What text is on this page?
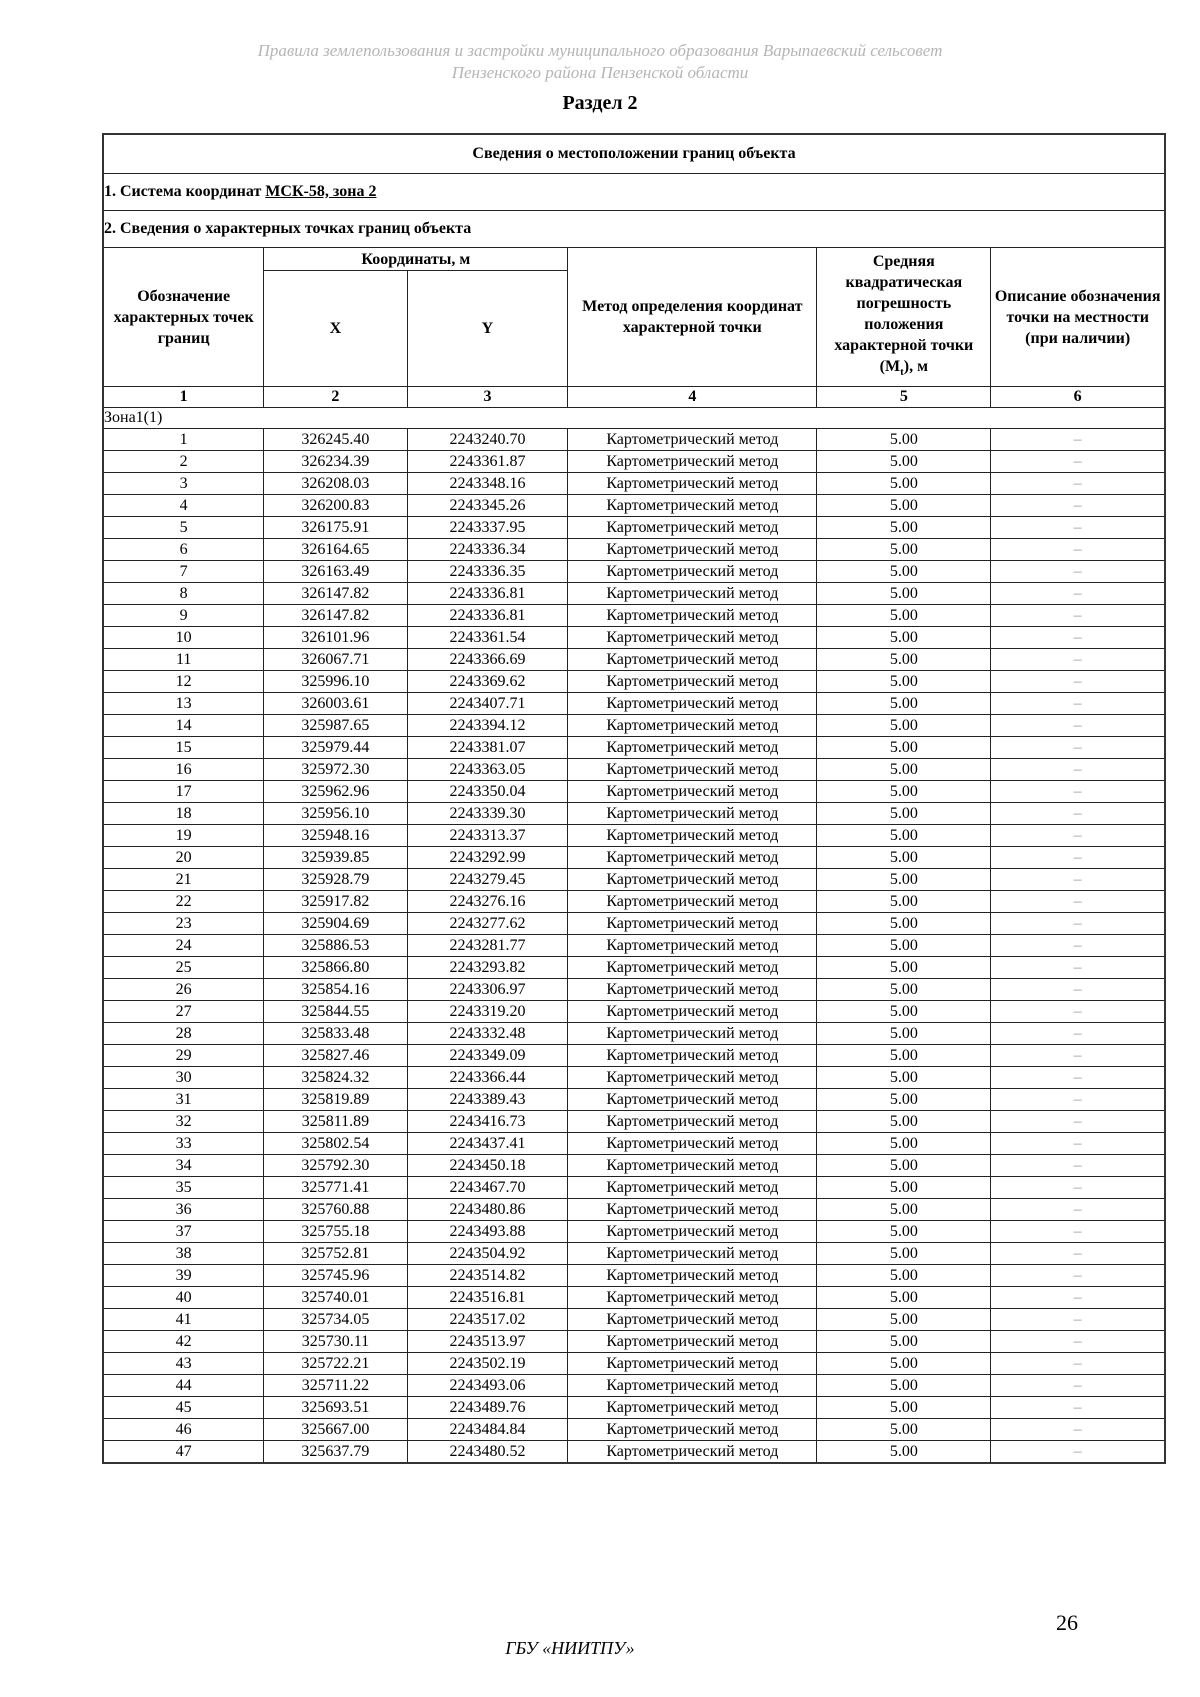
Правила землепользования и застройки муниципального образования Варыпаевский сельсовет
Пензенского района Пензенской области
Раздел 2
Сведения о местоположении границ объекта					
1. Система координат МСК-58, зона 2					
2. Сведения о характерных точках границ объекта					
Обозначение характерных точек границ	Координаты, м		Метод определения координат характерной точки	Средняя квадратическая погрешность положения характерной точки $(M_t)$, м	Описание обозначения точки на местности (при наличии)
	X	Y			
1	2	3	4	5	6
Зона1(1)					
1	326245.40	2243240.70	Картометрический метод	5.00	–
2	326234.39	2243361.87	Картометрический метод	5.00	–
3	326208.03	2243348.16	Картометрический метод	5.00	–
4	326200.83	2243345.26	Картометрический метод	5.00	–
5	326175.91	2243337.95	Картометрический метод	5.00	–
6	326164.65	2243336.34	Картометрический метод	5.00	–
7	326163.49	2243336.35	Картометрический метод	5.00	–
8	326147.82	2243336.81	Картометрический метод	5.00	–
9	326147.82	2243336.81	Картометрический метод	5.00	–
10	326101.96	2243361.54	Картометрический метод	5.00	–
11	326067.71	2243366.69	Картометрический метод	5.00	–
12	325996.10	2243369.62	Картометрический метод	5.00	–
13	326003.61	2243407.71	Картометрический метод	5.00	–
14	325987.65	2243394.12	Картометрический метод	5.00	–
15	325979.44	2243381.07	Картометрический метод	5.00	–
16	325972.30	2243363.05	Картометрический метод	5.00	–
17	325962.96	2243350.04	Картометрический метод	5.00	–
18	325956.10	2243339.30	Картометрический метод	5.00	–
19	325948.16	2243313.37	Картометрический метод	5.00	–
20	325939.85	2243292.99	Картометрический метод	5.00	–
21	325928.79	2243279.45	Картометрический метод	5.00	–
22	325917.82	2243276.16	Картометрический метод	5.00	–
23	325904.69	2243277.62	Картометрический метод	5.00	–
24	325886.53	2243281.77	Картометрический метод	5.00	–
25	325866.80	2243293.82	Картометрический метод	5.00	–
26	325854.16	2243306.97	Картометрический метод	5.00	–
27	325844.55	2243319.20	Картометрический метод	5.00	–
28	325833.48	2243332.48	Картометрический метод	5.00	–
29	325827.46	2243349.09	Картометрический метод	5.00	–
30	325824.32	2243366.44	Картометрический метод	5.00	–
31	325819.89	2243389.43	Картометрический метод	5.00	–
32	325811.89	2243416.73	Картометрический метод	5.00	–
33	325802.54	2243437.41	Картометрический метод	5.00	–
34	325792.30	2243450.18	Картометрический метод	5.00	–
35	325771.41	2243467.70	Картометрический метод	5.00	–
36	325760.88	2243480.86	Картометрический метод	5.00	–
37	325755.18	2243493.88	Картометрический метод	5.00	–
38	325752.81	2243504.92	Картометрический метод	5.00	–
39	325745.96	2243514.82	Картометрический метод	5.00	–
40	325740.01	2243516.81	Картометрический метод	5.00	–
41	325734.05	2243517.02	Картометрический метод	5.00	–
42	325730.11	2243513.97	Картометрический метод	5.00	–
43	325722.21	2243502.19	Картометрический метод	5.00	–
44	325711.22	2243493.06	Картометрический метод	5.00	–
45	325693.51	2243489.76	Картометрический метод	5.00	–
46	325667.00	2243484.84	Картометрический метод	5.00	–
47	325637.79	2243480.52	Картометрический метод	5.00	–
26
ГБУ «НИИТПУ»
